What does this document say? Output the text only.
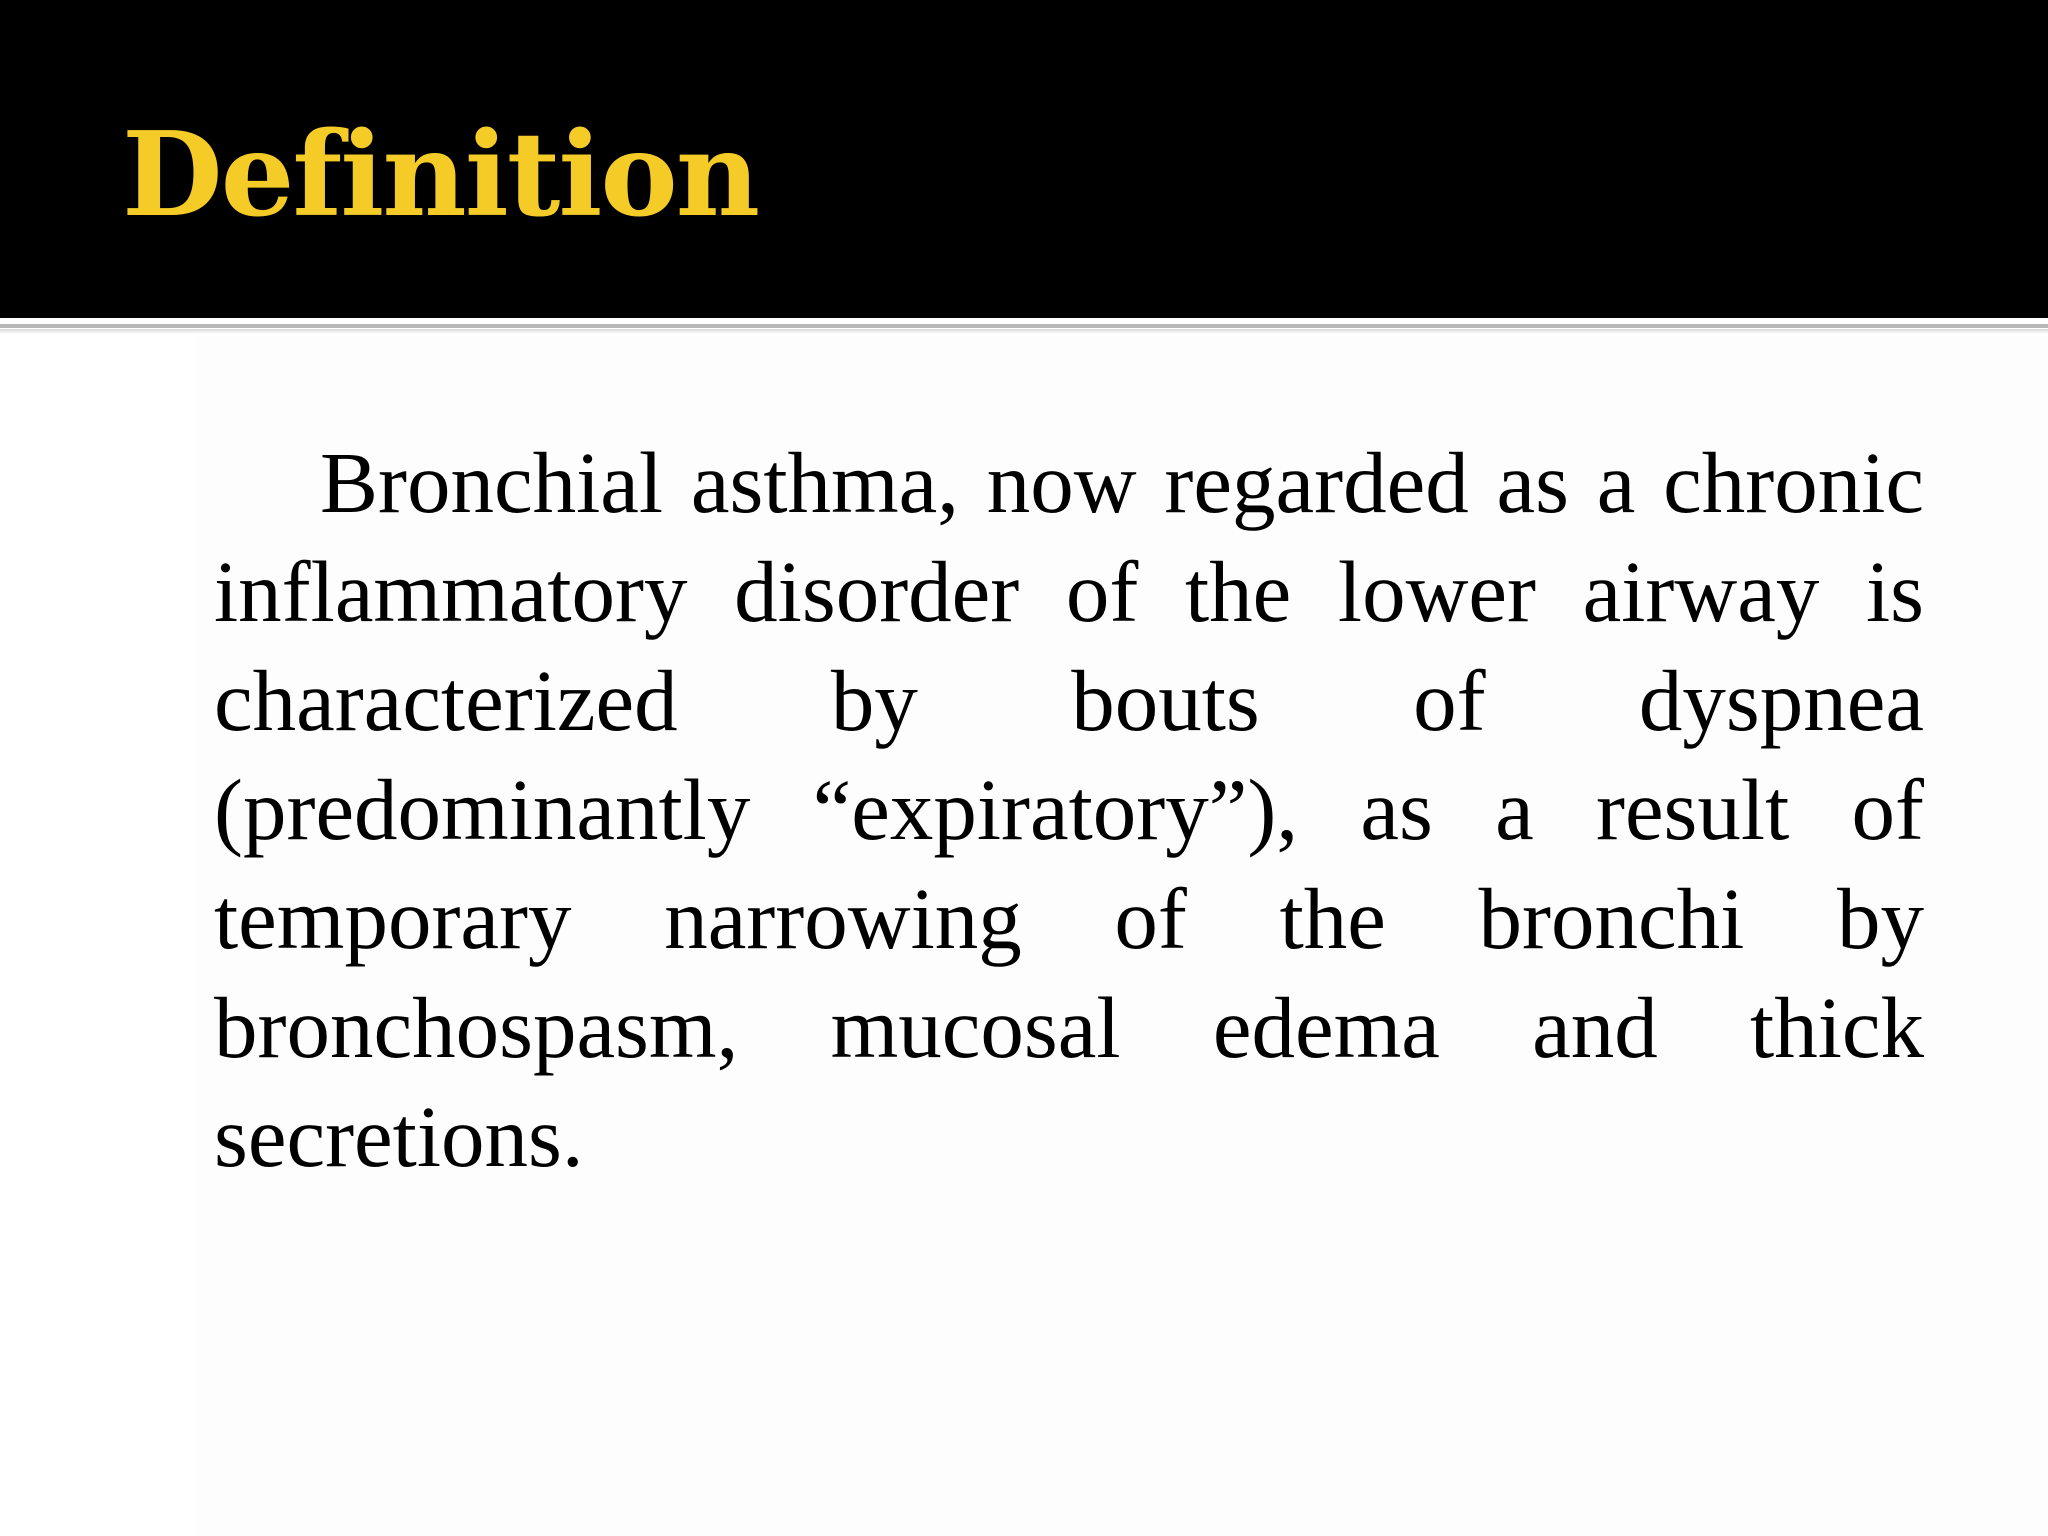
Definition

Bronchial asthma, now regarded as a chronic inflammatory disorder of the lower airway is characterized by bouts of dyspnea (predominantly “expiratory”), as a result of temporary narrowing of the bronchi by bronchospasm, mucosal edema and thick secretions.
